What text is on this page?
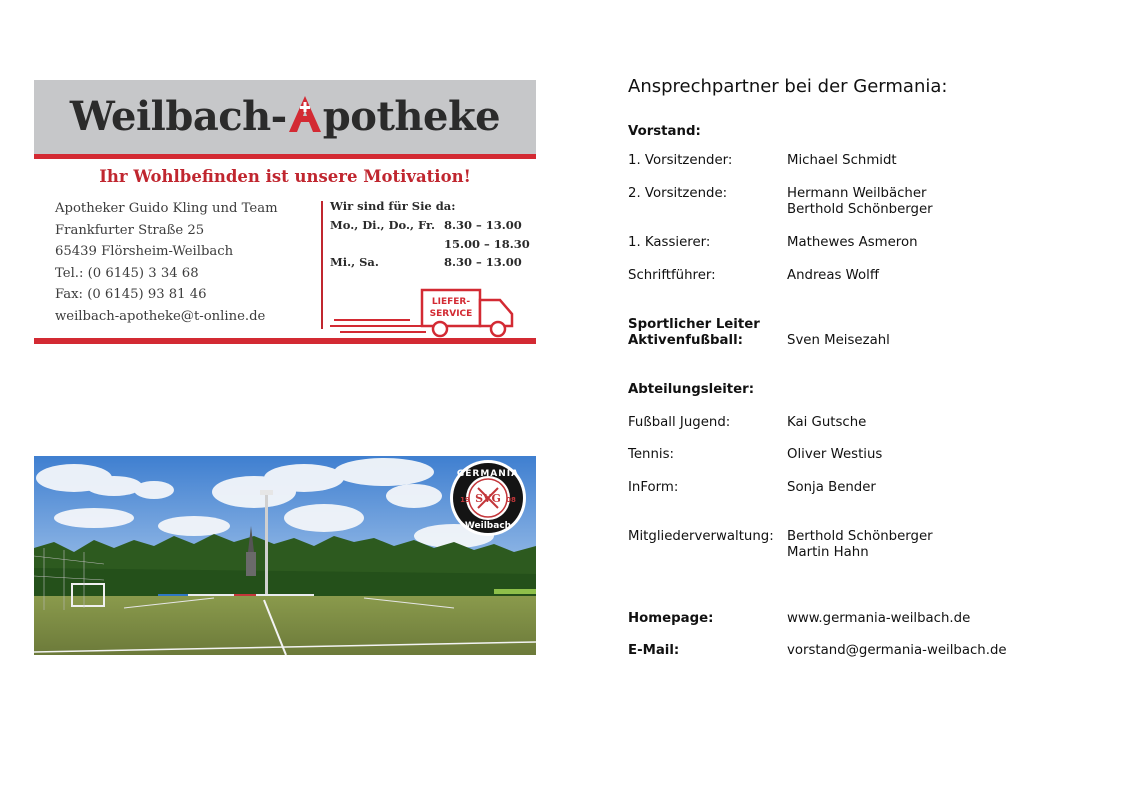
Weilbach- potheke
Ihr Wohlbefinden ist unsere Motivation!
Apotheker Guido Kling und Team
Frankfurter Straße 25
65439 Flörsheim-Weilbach
Tel.: (0 6145) 3 34 68
Fax: (0 6145) 93 81 46
weilbach-apotheke@t-online.de
Wir sind für Sie da:
Mo., Di., Do., Fr. 8.30 – 13.00
15.00 – 18.30
Mi., Sa.	8.30 – 13.00
LIEFER-
SERVICE
SVG
19	08
GERMANIA
Weilbach
Ansprechpartner bei der Germania:
Vorstand:
1. Vorsitzender:	Michael Schmidt
2. Vorsitzende:	Hermann Weilbächer
Berthold Schönberger
1. Kassierer:	Mathewes Asmeron
Schriftführer:	Andreas Wolff
Sportlicher Leiter
Aktivenfußball:	Sven Meisezahl
Abteilungsleiter:
Fußball Jugend:	Kai Gutsche
Tennis:	Oliver Westius
InForm:	Sonja Bender
Mitgliederverwaltung: Berthold Schönberger
Martin Hahn
Homepage:	www.germania-weilbach.de
E-Mail:	vorstand@germania-weilbach.de
